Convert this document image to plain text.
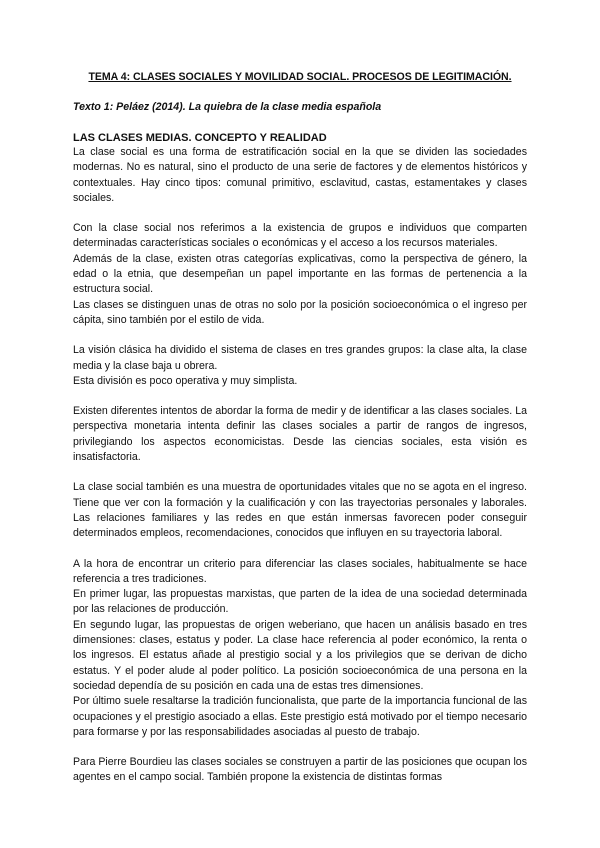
TEMA 4: CLASES SOCIALES Y MOVILIDAD SOCIAL. PROCESOS DE LEGITIMACIÓN.
Texto 1: Peláez (2014). La quiebra de la clase media española
LAS CLASES MEDIAS. CONCEPTO Y REALIDAD

La clase social es una forma de estratificación social en la que se dividen las sociedades modernas. No es natural, sino el producto de una serie de factores y de elementos históricos y contextuales. Hay cinco tipos: comunal primitivo, esclavitud, castas, estamentakes y clases sociales.

Con la clase social nos referimos a la existencia de grupos e individuos que comparten determinadas características sociales o económicas y el acceso a los recursos materiales.

Además de la clase, existen otras categorías explicativas, como la perspectiva de género, la edad o la etnia, que desempeñan un papel importante en las formas de pertenencia a la estructura social.

Las clases se distinguen unas de otras no solo por la posición socioeconómica o el ingreso per cápita, sino también por el estilo de vida.

La visión clásica ha dividido el sistema de clases en tres grandes grupos: la clase alta, la clase media y la clase baja u obrera.

Esta división es poco operativa y muy simplista.

Existen diferentes intentos de abordar la forma de medir y de identificar a las clases sociales. La perspectiva monetaria intenta definir las clases sociales a partir de rangos de ingresos, privilegiando los aspectos economicistas. Desde las ciencias sociales, esta visión es insatisfactoria.

La clase social también es una muestra de oportunidades vitales que no se agota en el ingreso. Tiene que ver con la formación y la cualificación y con las trayectorias personales y laborales. Las relaciones familiares y las redes en que están inmersas favorecen poder conseguir determinados empleos, recomendaciones, conocidos que influyen en su trayectoria laboral.

A la hora de encontrar un criterio para diferenciar las clases sociales, habitualmente se hace referencia a tres tradiciones.

En primer lugar, las propuestas marxistas, que parten de la idea de una sociedad determinada por las relaciones de producción.

En segundo lugar, las propuestas de origen weberiano, que hacen un análisis basado en tres dimensiones: clases, estatus y poder. La clase hace referencia al poder económico, la renta o los ingresos. El estatus añade al prestigio social y a los privilegios que se derivan de dicho estatus. Y el poder alude al poder político. La posición socioeconómica de una persona en la sociedad dependía de su posición en cada una de estas tres dimensiones.

Por último suele resaltarse la tradición funcionalista, que parte de la importancia funcional de las ocupaciones y el prestigio asociado a ellas. Este prestigio está motivado por el tiempo necesario para formarse y por las responsabilidades asociadas al puesto de trabajo.

Para Pierre Bourdieu las clases sociales se construyen a partir de las posiciones que ocupan los agentes en el campo social. También propone la existencia de distintas formas
